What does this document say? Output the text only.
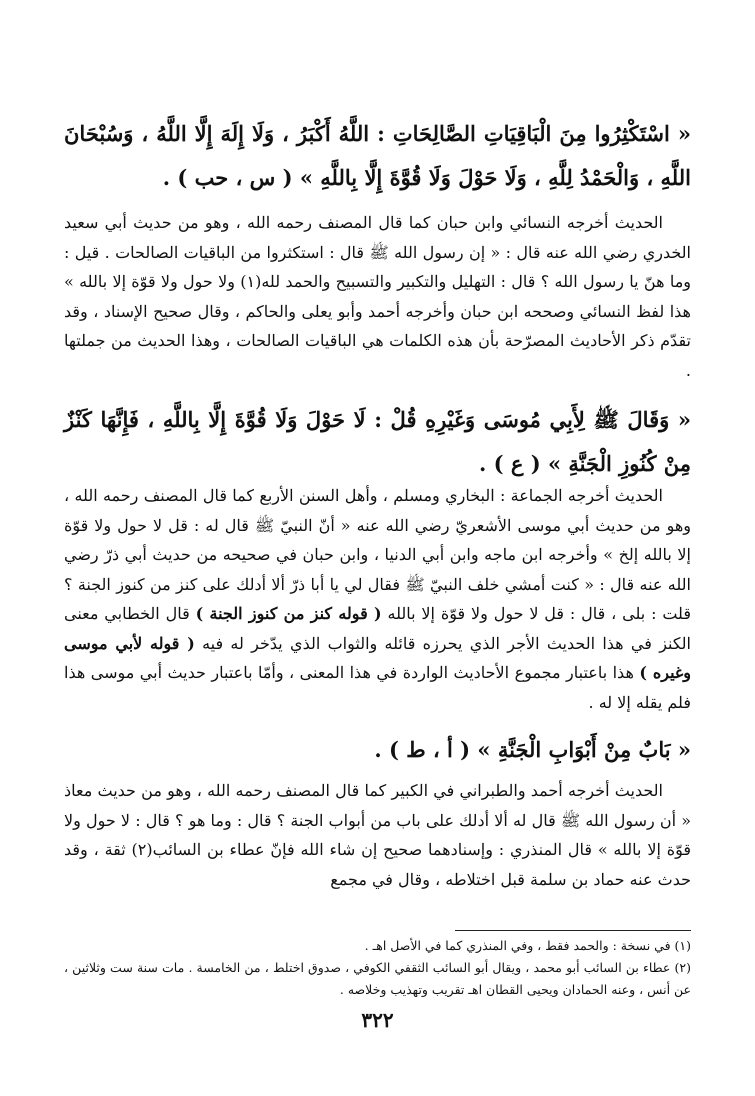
« اسْتَكْثِرُوا مِنَ الْبَاقِيَاتِ الصَّالِحَاتِ : اللَّهُ أَكْبَرُ ، وَلَا إِلَهَ إِلَّا اللَّهُ ، وَسُبْحَانَ اللَّهِ ، وَالْحَمْدُ لِلَّهِ ، وَلَا حَوْلَ وَلَا قُوَّةَ إِلَّا بِاللَّهِ » ( س ، حب ) .
الحديث أخرجه النسائي وابن حبان كما قال المصنف رحمه الله ، وهو من حديث أبي سعيد الخدري رضي الله عنه قال : « إن رسول الله ﷺ قال : استكثروا من الباقيات الصالحات . قيل : وما هنّ يا رسول الله ؟ قال : التهليل والتكبير والتسبيح والحمد لله(١) ولا حول ولا قوّة إلا بالله » هذا لفظ النسائي وصححه ابن حبان وأخرجه أحمد وأبو يعلى والحاكم ، وقال صحيح الإسناد ، وقد تقدّم ذكر الأحاديث المصرّحة بأن هذه الكلمات هي الباقيات الصالحات ، وهذا الحديث من جملتها .
« وَقَالَ ﷺ لِأَبِي مُوسَى وَغَيْرِهِ قُلْ : لَا حَوْلَ وَلَا قُوَّةَ إِلَّا بِاللَّهِ ، فَإِنَّهَا كَنْزٌ مِنْ كُنُوزِ الْجَنَّةِ » ( ع ) .
الحديث أخرجه الجماعة : البخاري ومسلم ، وأهل السنن الأربع كما قال المصنف رحمه الله ، وهو من حديث أبي موسى الأشعريّ رضي الله عنه « أنّ النبيّ ﷺ قال له : قل لا حول ولا قوّة إلا بالله إلخ » وأخرجه ابن ماجه وابن أبي الدنيا ، وابن حبان في صحيحه من حديث أبي ذرّ رضي الله عنه قال : « كنت أمشي خلف النبيّ ﷺ فقال لي يا أبا ذرّ ألا أدلك على كنز من كنوز الجنة ؟ قلت : بلى ، قال : قل لا حول ولا قوّة إلا بالله ( قوله كنز من كنوز الجنة ) قال الخطابي معنى الكنز في هذا الحديث الأجر الذي يحرزه قائله والثواب الذي يدّخر له فيه ( قوله لأبي موسى وغيره ) هذا باعتبار مجموع الأحاديث الواردة في هذا المعنى ، وأمّا باعتبار حديث أبي موسى هذا فلم يقله إلا له .
« بَابٌ مِنْ أَبْوَابِ الْجَنَّةِ » ( أ ، ط ) .
الحديث أخرجه أحمد والطبراني في الكبير كما قال المصنف رحمه الله ، وهو من حديث معاذ « أن رسول الله ﷺ قال له ألا أدلك على باب من أبواب الجنة ؟ قال : وما هو ؟ قال : لا حول ولا قوّة إلا بالله » قال المنذري : وإسنادهما صحيح إن شاء الله فإنّ عطاء بن السائب(٢) ثقة ، وقد حدث عنه حماد بن سلمة قبل اختلاطه ، وقال في مجمع
(١) في نسخة : والحمد فقط ، وفي المنذري كما في الأصل اهـ .
(٢) عطاء بن السائب أبو محمد ، ويقال أبو السائب الثقفي الكوفي ، صدوق اختلط ، من الخامسة . مات سنة ست وثلاثين ، عن أنس ، وعنه الحمادان ويحيى القطان اهـ تقريب وتهذيب وخلاصه .
٣٢٢
